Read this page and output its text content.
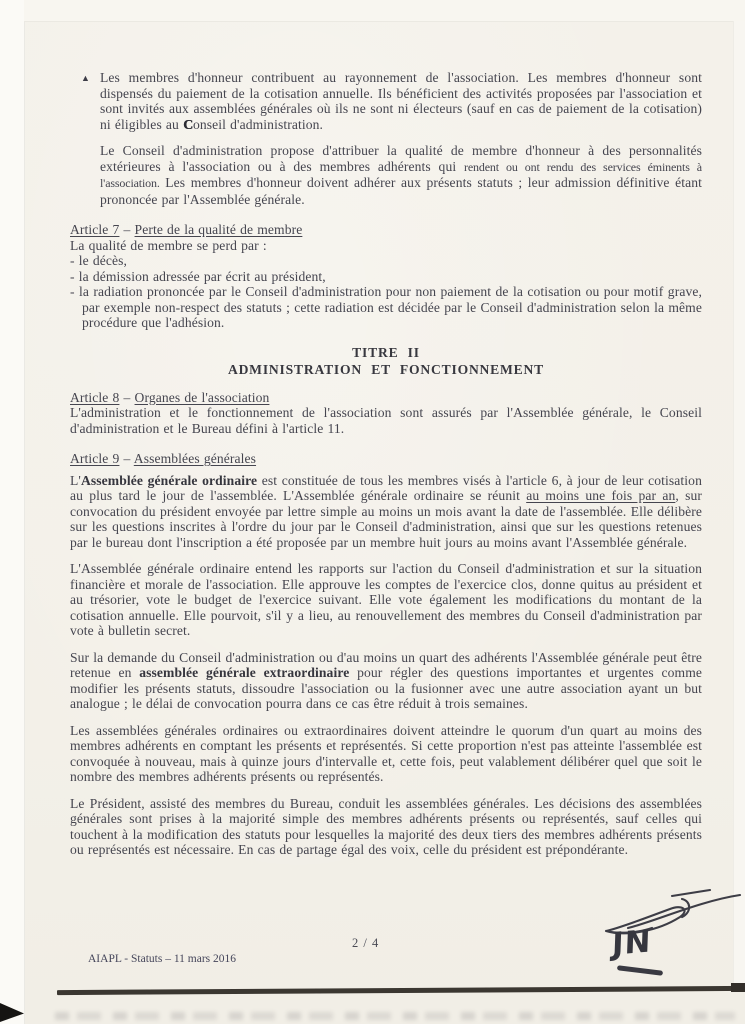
▲ Les membres d'honneur contribuent au rayonnement de l'association. Les membres d'honneur sont dispensés du paiement de la cotisation annuelle. Ils bénéficient des activités proposées par l'association et sont invités aux assemblées générales où ils ne sont ni électeurs (sauf en cas de paiement de la cotisation) ni éligibles au Conseil d'administration.

Le Conseil d'administration propose d'attribuer la qualité de membre d'honneur à des personnalités extérieures à l'association ou à des membres adhérents qui rendent ou ont rendu des services éminents à l'association. Les membres d'honneur doivent adhérer aux présents statuts ; leur admission définitive étant prononcée par l'Assemblée générale.

Article 7 – Perte de la qualité de membre

La qualité de membre se perd par :

- le décès,

- la démission adressée par écrit au président,

- la radiation prononcée par le Conseil d'administration pour non paiement de la cotisation ou pour motif grave, par exemple non-respect des statuts ; cette radiation est décidée par le Conseil d'administration selon la même procédure que l'adhésion.

TITRE II
ADMINISTRATION ET FONCTIONNEMENT

Article 8 – Organes de l'association

L'administration et le fonctionnement de l'association sont assurés par l'Assemblée générale, le Conseil d'administration et le Bureau défini à l'article 11.

Article 9 – Assemblées générales

L'Assemblée générale ordinaire est constituée de tous les membres visés à l'article 6, à jour de leur cotisation au plus tard le jour de l'assemblée. L'Assemblée générale ordinaire se réunit au moins une fois par an, sur convocation du président envoyée par lettre simple au moins un mois avant la date de l'assemblée. Elle délibère sur les questions inscrites à l'ordre du jour par le Conseil d'administration, ainsi que sur les questions retenues par le bureau dont l'inscription a été proposée par un membre huit jours au moins avant l'Assemblée générale.

L'Assemblée générale ordinaire entend les rapports sur l'action du Conseil d'administration et sur la situation financière et morale de l'association. Elle approuve les comptes de l'exercice clos, donne quitus au président et au trésorier, vote le budget de l'exercice suivant. Elle vote également les modifications du montant de la cotisation annuelle. Elle pourvoit, s'il y a lieu, au renouvellement des membres du Conseil d'administration par vote à bulletin secret.

Sur la demande du Conseil d'administration ou d'au moins un quart des adhérents l'Assemblée générale peut être retenue en assemblée générale extraordinaire pour régler des questions importantes et urgentes comme modifier les présents statuts, dissoudre l'association ou la fusionner avec une autre association ayant un but analogue ; le délai de convocation pourra dans ce cas être réduit à trois semaines.

Les assemblées générales ordinaires ou extraordinaires doivent atteindre le quorum d'un quart au moins des membres adhérents en comptant les présents et représentés. Si cette proportion n'est pas atteinte l'assemblée est convoquée à nouveau, mais à quinze jours d'intervalle et, cette fois, peut valablement délibérer quel que soit le nombre des membres adhérents présents ou représentés.

Le Président, assisté des membres du Bureau, conduit les assemblées générales. Les décisions des assemblées générales sont prises à la majorité simple des membres adhérents présents ou représentés, sauf celles qui touchent à la modification des statuts pour lesquelles la majorité des deux tiers des membres adhérents présents ou représentés est nécessaire. En cas de partage égal des voix, celle du président est prépondérante.

2 / 4
AIAPL - Statuts – 11 mars 2016	JN
